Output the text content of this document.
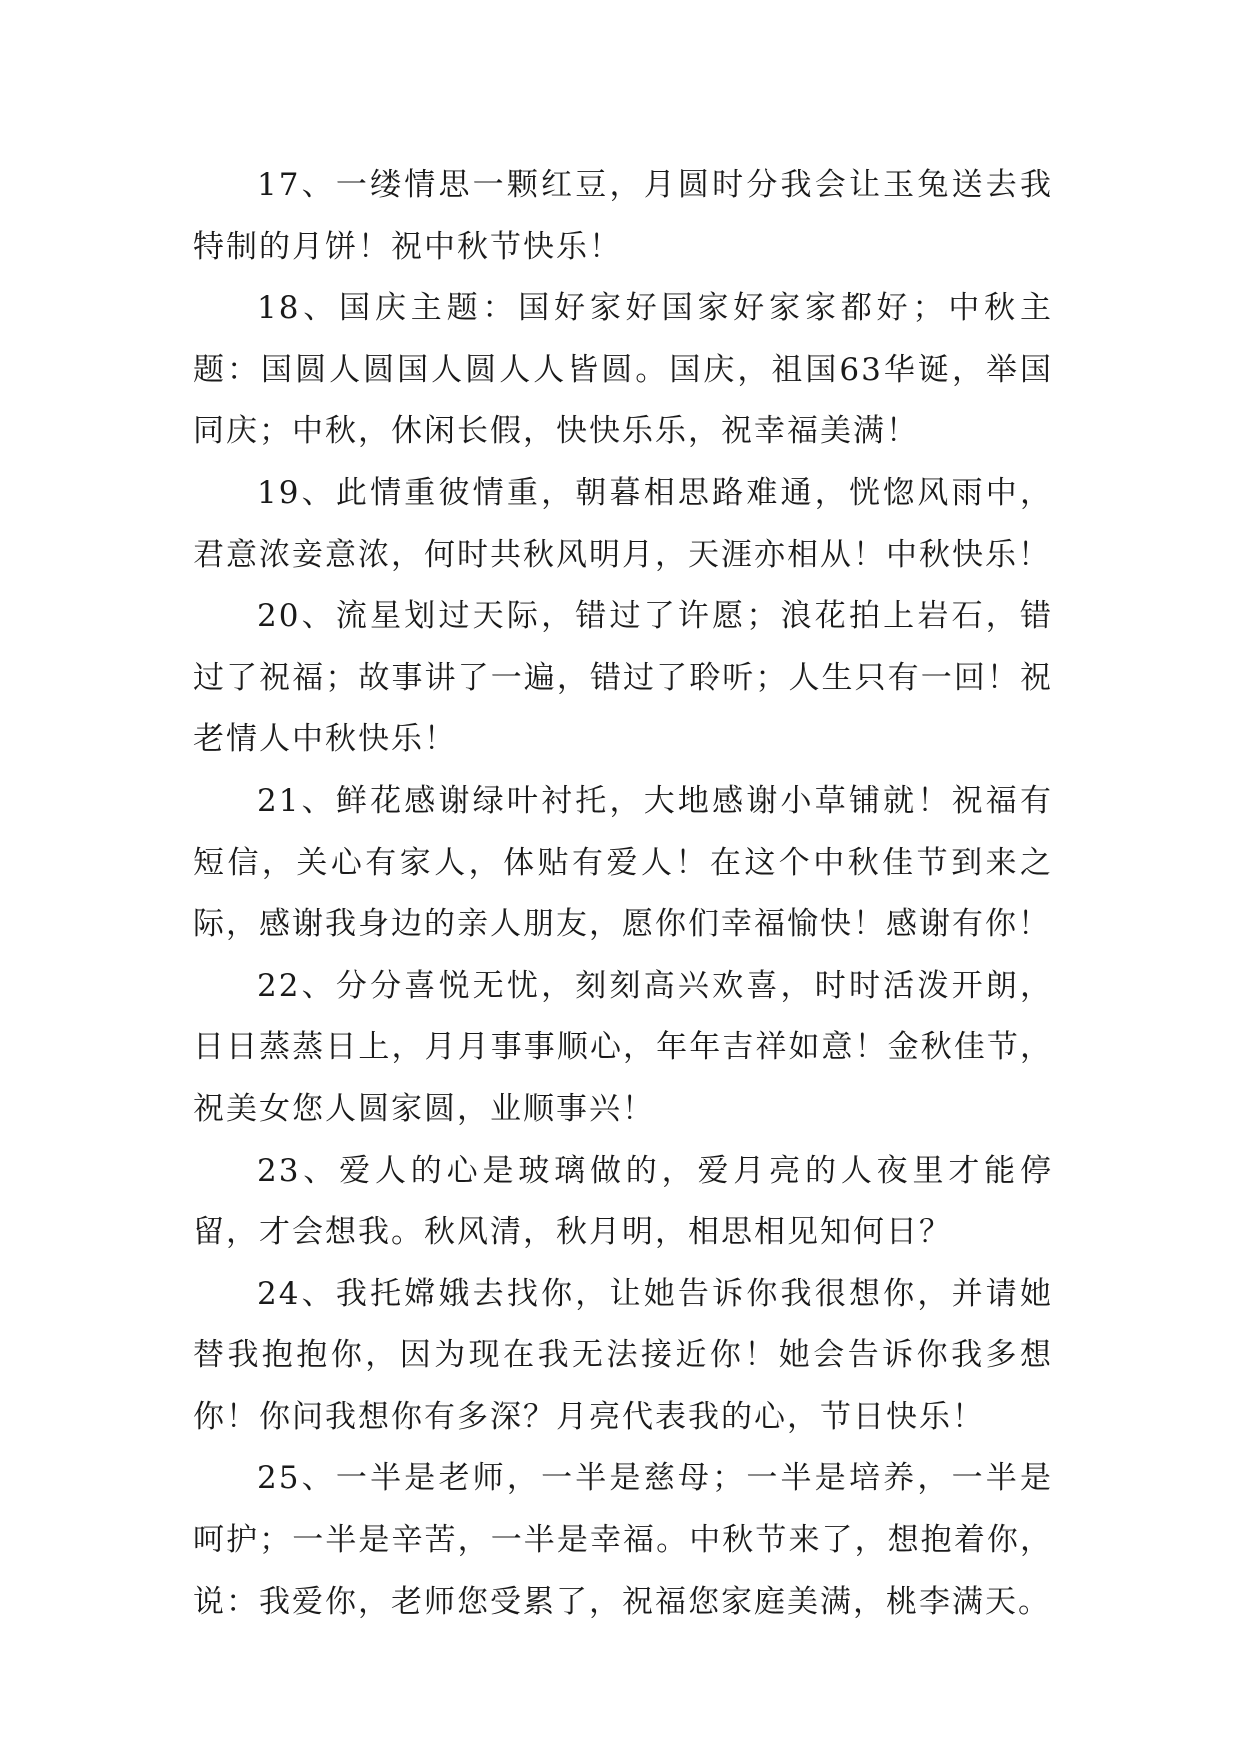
17、一缕情思一颗红豆，月圆时分我会让玉兔送去我特制的月饼！祝中秋节快乐！

18、国庆主题：国好家好国家好家家都好；中秋主题：国圆人圆国人圆人人皆圆。国庆，祖国63华诞，举国同庆；中秋，休闲长假，快快乐乐，祝幸福美满！

19、此情重彼情重，朝暮相思路难通，恍惚风雨中，君意浓妾意浓，何时共秋风明月，天涯亦相从！中秋快乐！

20、流星划过天际，错过了许愿；浪花拍上岩石，错过了祝福；故事讲了一遍，错过了聆听；人生只有一回！祝老情人中秋快乐！

21、鲜花感谢绿叶衬托，大地感谢小草铺就！祝福有短信，关心有家人，体贴有爱人！在这个中秋佳节到来之际，感谢我身边的亲人朋友，愿你们幸福愉快！感谢有你！

22、分分喜悦无忧，刻刻高兴欢喜，时时活泼开朗，日日蒸蒸日上，月月事事顺心，年年吉祥如意！金秋佳节，祝美女您人圆家圆，业顺事兴！

23、爱人的心是玻璃做的，爱月亮的人夜里才能停留，才会想我。秋风清，秋月明，相思相见知何日？

24、我托嫦娥去找你，让她告诉你我很想你，并请她替我抱抱你，因为现在我无法接近你！她会告诉你我多想你！你问我想你有多深？月亮代表我的心，节日快乐！

25、一半是老师，一半是慈母；一半是培养，一半是呵护；一半是辛苦，一半是幸福。中秋节来了，想抱着你，说：我爱你，老师您受累了，祝福您家庭美满，桃李满天。
